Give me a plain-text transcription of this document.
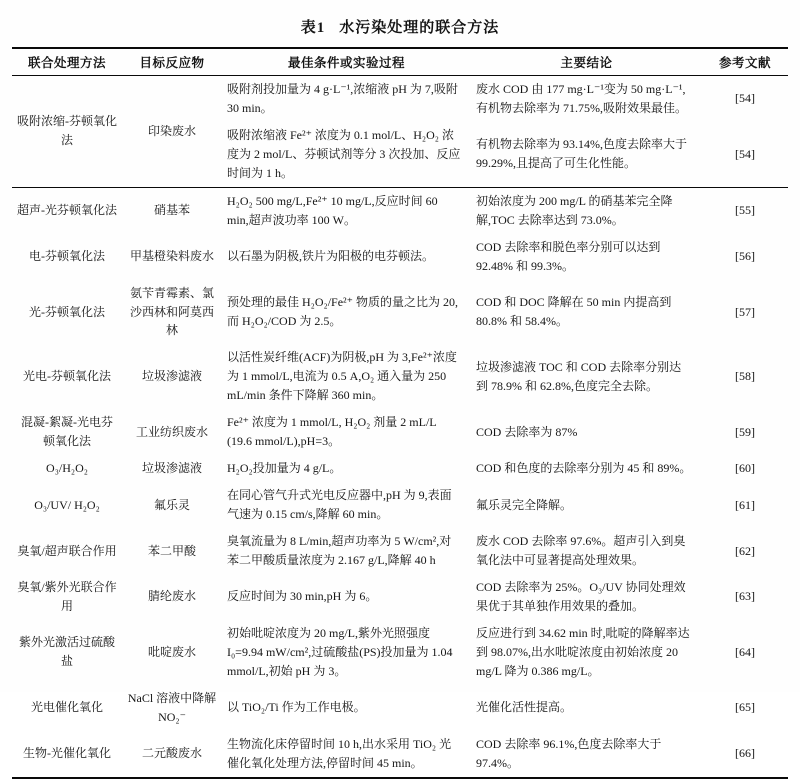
表1 水污染处理的联合方法
联合处理方法	目标反应物	最佳条件或实验过程	主要结论	参考文献
吸附浓缩-芬顿氧化法	印染废水	吸附剂投加量为 4 g·L⁻¹,浓缩液 pH 为 7,吸附 30 min。	废水 COD 由 177 mg·L⁻¹变为 50 mg·L⁻¹,有机物去除率为 71.75%,吸附效果最佳。	[54]
		吸附浓缩液 Fe²⁺ 浓度为 0.1 mol/L、H₂O₂ 浓度为 2 mol/L、芬顿试剂等分 3 次投加、反应时间为 1 h。	有机物去除率为 93.14%,色度去除率大于 99.29%,且提高了可生化性能。	[54]
超声-光芬顿氧化法	硝基苯	H₂O₂ 500 mg/L,Fe²⁺ 10 mg/L,反应时间 60 min,超声波功率 100 W。	初始浓度为 200 mg/L 的硝基苯完全降解,TOC 去除率达到 73.0%。	[55]
电-芬顿氧化法	甲基橙染料废水	以石墨为阴极,铁片为阳极的电芬顿法。	COD 去除率和脱色率分别可以达到 92.48% 和 99.3%。	[56]
光-芬顿氧化法	氨苄青霉素、氯沙西林和阿莫西林	预处理的最佳 H₂O₂/Fe²⁺ 物质的量之比为 20,而 H₂O₂/COD 为 2.5。	COD 和 DOC 降解在 50 min 内提高到 80.8% 和 58.4%。	[57]
光电-芬顿氧化法	垃圾渗滤液	以活性炭纤维(ACF)为阴极,pH 为 3,Fe²⁺浓度为 1 mmol/L,电流为 0.5 A,O₂ 通入量为 250 mL/min 条件下降解 360 min。	垃圾渗滤液 TOC 和 COD 去除率分别达到 78.9% 和 62.8%,色度完全去除。	[58]
混凝-絮凝-光电芬顿氧化法	工业纺织废水	Fe²⁺ 浓度为 1 mmol/L, H₂O₂ 剂量 2 mL/L (19.6 mmol/L),pH=3。	COD 去除率为 87%	[59]
O₃/H₂O₂	垃圾渗滤液	H₂O₂投加量为 4 g/L。	COD 和色度的去除率分别为 45 和 89%。	[60]
O₃/UV/ H₂O₂	氟乐灵	在同心管气升式光电反应器中,pH 为 9,表面气速为 0.15 cm/s,降解 60 min。	氟乐灵完全降解。	[61]
臭氧/超声联合作用	苯二甲酸	臭氧流量为 8 L/min,超声功率为 5 W/cm²,对苯二甲酸质量浓度为 2.167 g/L,降解 40 h	废水 COD 去除率 97.6%。超声引入到臭氧化法中可显著提高处理效果。	[62]
臭氧/紫外光联合作用	腈纶废水	反应时间为 30 min,pH 为 6。	COD 去除率为 25%。O₃/UV 协同处理效果优于其单独作用效果的叠加。	[63]
紫外光激活过硫酸盐	吡啶废水	初始吡啶浓度为 20 mg/L,紫外光照强度 I₀=9.94 mW/cm²,过硫酸盐(PS)投加量为 1.04 mmol/L,初始 pH 为 3。	反应进行到 34.62 min 时,吡啶的降解率达到 98.07%,出水吡啶浓度由初始浓度 20 mg/L 降为 0.386 mg/L。	[64]
光电催化氧化	NaCl 溶液中降解 NO₂⁻	以 TiO₂/Ti 作为工作电极。	光催化活性提高。	[65]
生物-光催化氧化	二元酸废水	生物流化床停留时间 10 h,出水采用 TiO₂ 光催化氧化处理方法,停留时间 45 min。	COD 去除率 96.1%,色度去除率大于 97.4%。	[66]
